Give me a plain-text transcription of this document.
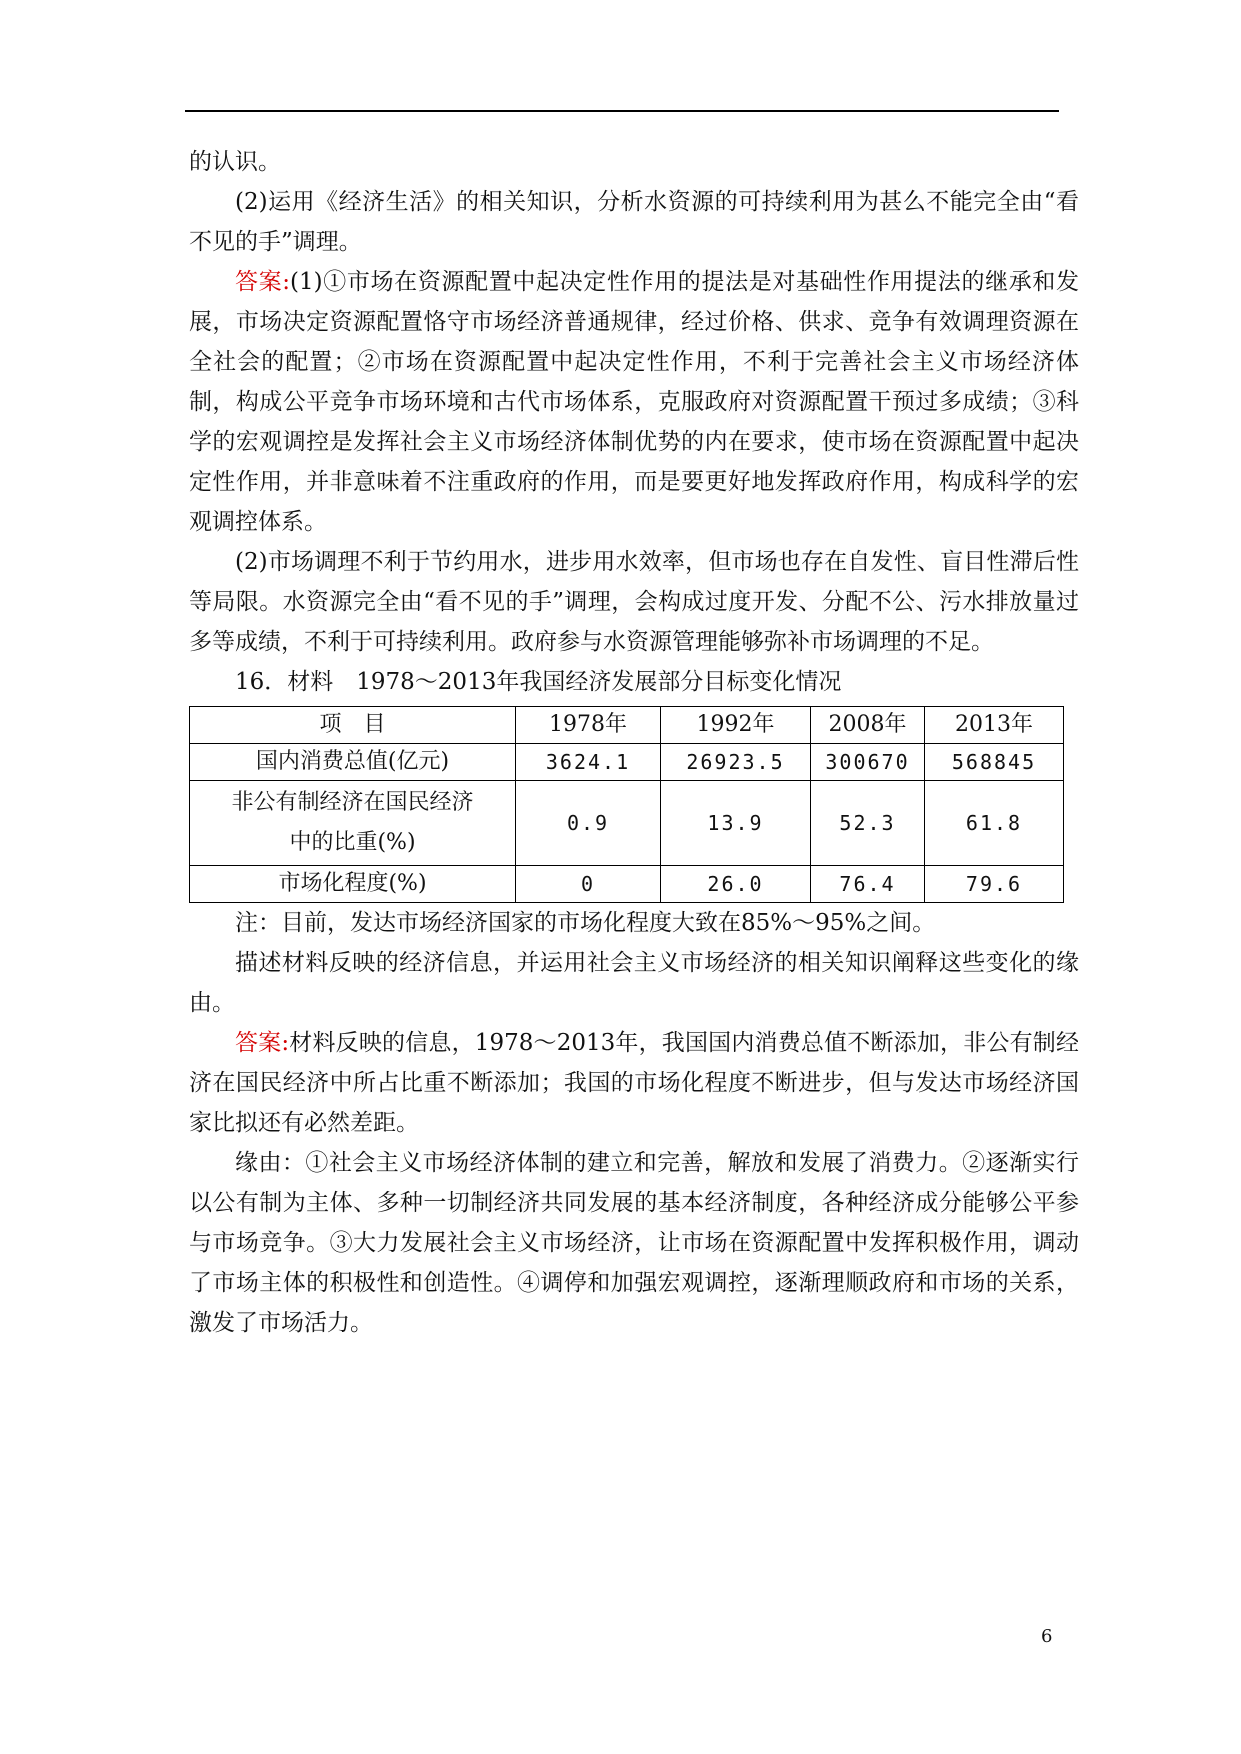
的认识。

(2)运用《经济生活》的相关知识，分析水资源的可持续利用为甚么不能完全由“看不见的手”调理。

答案:(1)①市场在资源配置中起决定性作用的提法是对基础性作用提法的继承和发展，市场决定资源配置恪守市场经济普通规律，经过价格、供求、竞争有效调理资源在全社会的配置；②市场在资源配置中起决定性作用，不利于完善社会主义市场经济体制，构成公平竞争市场环境和古代市场体系，克服政府对资源配置干预过多成绩；③科学的宏观调控是发挥社会主义市场经济体制优势的内在要求，使市场在资源配置中起决定性作用，并非意味着不注重政府的作用，而是要更好地发挥政府作用，构成科学的宏观调控体系。

(2)市场调理不利于节约用水，进步用水效率，但市场也存在自发性、盲目性滞后性等局限。水资源完全由“看不见的手”调理，会构成过度开发、分配不公、污水排放量过多等成绩，不利于可持续利用。政府参与水资源管理能够弥补市场调理的不足。

16．材料　1978～2013年我国经济发展部分目标变化情况

项　目	1978年	1992年	2008年	2013年
国内消费总值(亿元)	3624.1	26923.5	300670	568845
非公有制经济在国民经济中的比重(%)	0.9	13.9	52.3	61.8
市场化程度(%)	0	26.0	76.4	79.6

注：目前，发达市场经济国家的市场化程度大致在85%～95%之间。

描述材料反映的经济信息，并运用社会主义市场经济的相关知识阐释这些变化的缘由。

答案:材料反映的信息，1978～2013年，我国国内消费总值不断添加，非公有制经济在国民经济中所占比重不断添加；我国的市场化程度不断进步，但与发达市场经济国家比拟还有必然差距。

缘由：①社会主义市场经济体制的建立和完善，解放和发展了消费力。②逐渐实行以公有制为主体、多种一切制经济共同发展的基本经济制度，各种经济成分能够公平参与市场竞争。③大力发展社会主义市场经济，让市场在资源配置中发挥积极作用，调动了市场主体的积极性和创造性。④调停和加强宏观调控，逐渐理顺政府和市场的关系，激发了市场活力。

6
